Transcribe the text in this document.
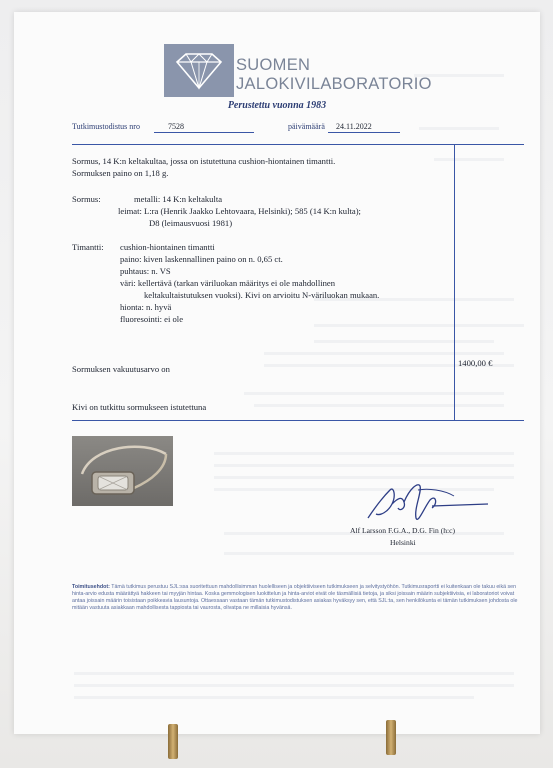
SUOMEN
JALOKIVILABORATORIO
Perustettu vuonna 1983
Tutkimustodistus nro	7528	päivämäärä 24.11.2022
Sormus, 14 K:n keltakultaa, jossa on istutettuna cushion-hiontainen timantti.
Sormuksen paino on 1,18 g.
Sormus:	metalli: 14 K:n keltakulta
leimat: L:ra (Henrik Jaakko Lehtovaara, Helsinki); 585 (14 K:n kulta);
D8 (leimausvuosi 1981)
Timantti: cushion-hiontainen timantti
paino: kiven laskennallinen paino on n. 0,65 ct.
puhtaus: n. VS
väri: kellertävä (tarkan väriluokan määritys ei ole mahdollinen
keltakultaistutuksen vuoksi). Kivi on arvioitu N-väriluokan mukaan.
hionta: n. hyvä
fluoresointi: ei ole
Sormuksen vakuutusarvo on
1400,00 €
Kivi on tutkittu sormukseen istutettuna
Alf Larsson F.G.A., D.G. Fin (h:c)
Helsinki
Toimitusehdot: Tämä tutkimus perustuu SJL:ssa suoritettuun mahdollisimman huolelliseen ja objektiiviseen tutkimukseen ja selvitystyöhön. Tutkimusraportti ei kuitenkaan ole takuu eikä sen hinta-arvio edusta määrättyä hakkeen tai myyjän hintaa. Koska gemmologisen luokittelun ja hinta-arviot eivät ole täsmällisiä tietoja, ja siksi joissain määrin subjektiivisia, ei laboratoriot voivat antaa joissain määrin toisistaan poikkeavia lausuntoja. Ottaessaan vastaan tämän tutkimustodistuksen asiakas hyväksyy sen, että SJL:ta, sen henkilökunta ei tämän tutkimuksen johdosta ole mitään vastuuta asiakkaan mahdollisesta tappiosta tai vaurosta, olivatpa ne millaisia hyvänsä.
